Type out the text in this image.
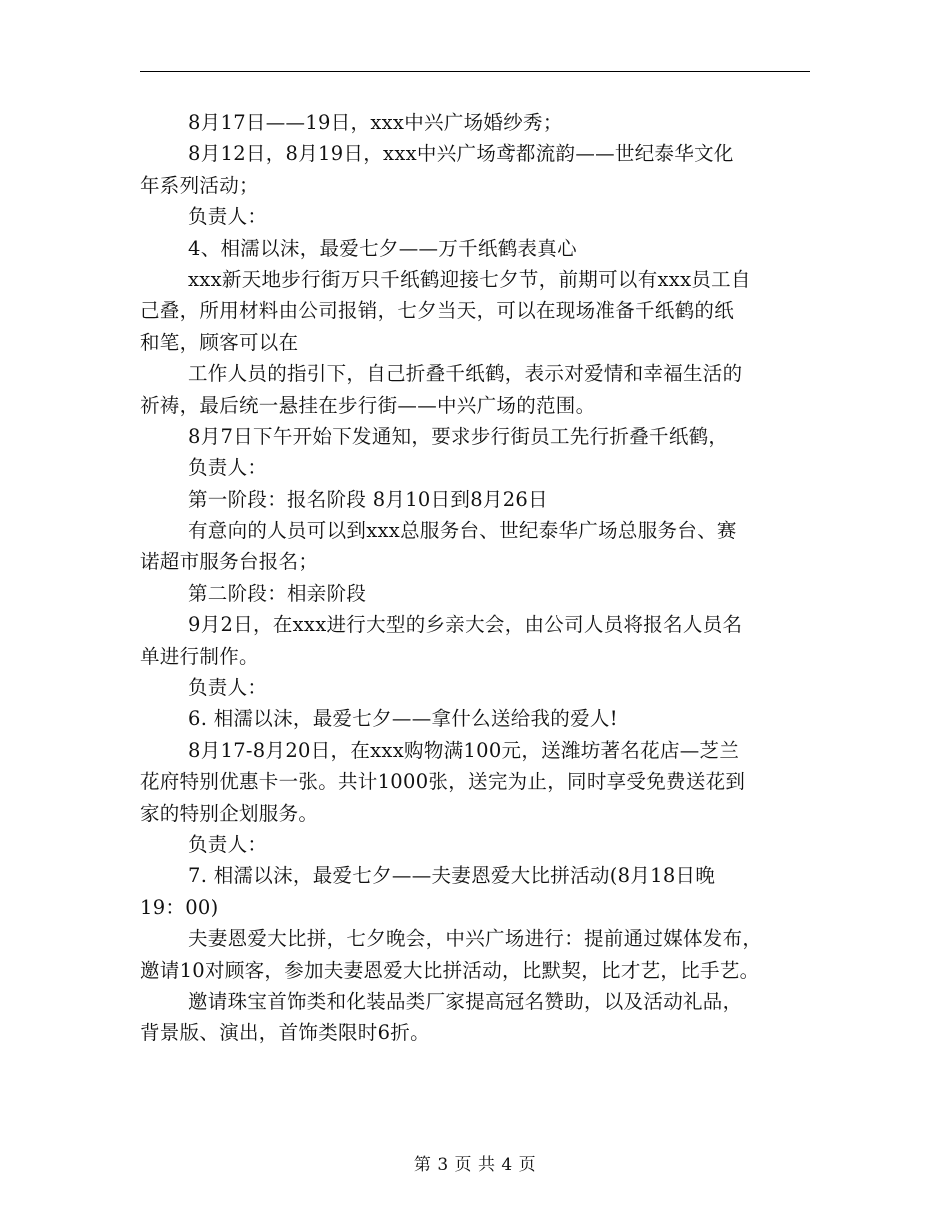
8月17日——19日，xxx中兴广场婚纱秀；
8月12日，8月19日，xxx中兴广场鸢都流韵——世纪泰华文化
年系列活动；
负责人：
4、相濡以沫，最爱七夕——万千纸鹤表真心
xxx新天地步行街万只千纸鹤迎接七夕节，前期可以有xxx员工自
己叠，所用材料由公司报销，七夕当天，可以在现场准备千纸鹤的纸
和笔，顾客可以在
工作人员的指引下，自己折叠千纸鹤，表示对爱情和幸福生活的
祈祷，最后统一悬挂在步行街——中兴广场的范围。
8月7日下午开始下发通知，要求步行街员工先行折叠千纸鹤，
负责人：
第一阶段：报名阶段 8月10日到8月26日
有意向的人员可以到xxx总服务台、世纪泰华广场总服务台、赛
诺超市服务台报名；
第二阶段：相亲阶段
9月2日，在xxx进行大型的乡亲大会，由公司人员将报名人员名
单进行制作。
负责人：
6. 相濡以沫，最爱七夕——拿什么送给我的爱人!
8月17-8月20日，在xxx购物满100元，送潍坊著名花店—芝兰
花府特别优惠卡一张。共计1000张，送完为止，同时享受免费送花到
家的特别企划服务。
负责人：
7. 相濡以沫，最爱七夕——夫妻恩爱大比拼活动(8月18日晚
19：00)
夫妻恩爱大比拼，七夕晚会，中兴广场进行：提前通过媒体发布，
邀请10对顾客，参加夫妻恩爱大比拼活动，比默契，比才艺，比手艺。
邀请珠宝首饰类和化装品类厂家提高冠名赞助，以及活动礼品，
背景版、演出，首饰类限时6折。
第 3 页 共 4 页
